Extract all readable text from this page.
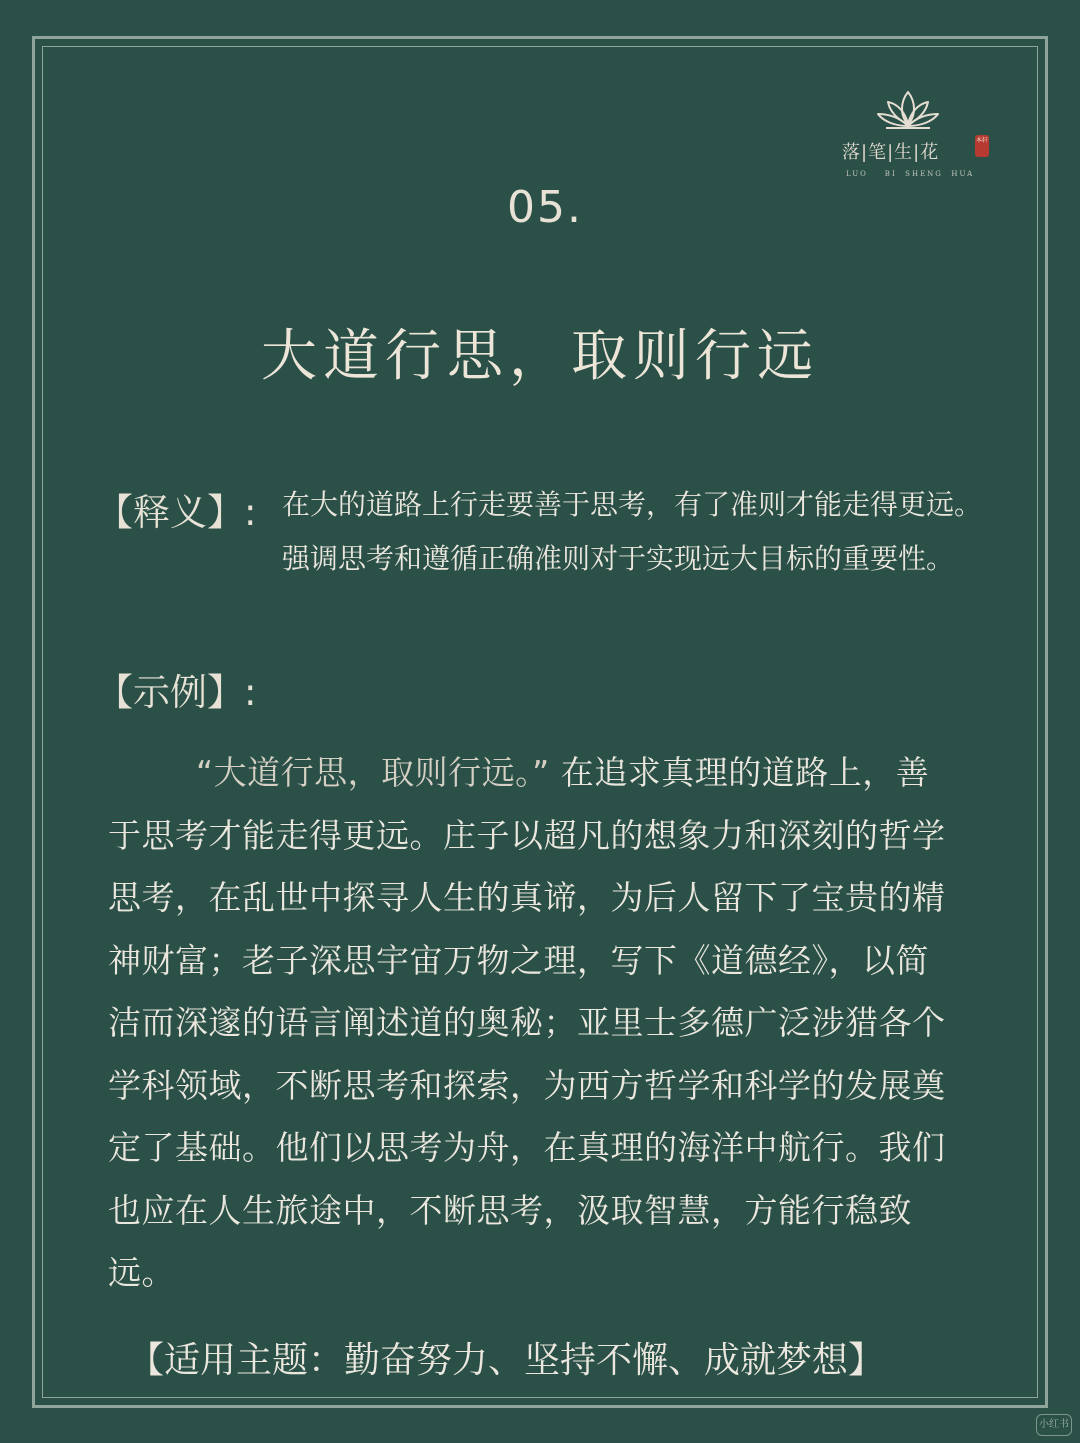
落|笔|生|花
本轩
LUO    BI  SHENG  HUA
05.
大道行思，取则行远
【释义】: 在大的道路上行走要善于思考，有了准则才能走得更远。强调思考和遵循正确准则对于实现远大目标的重要性。
【示例】:
“大道行思，取则行远。” 在追求真理的道路上，善于思考才能走得更远。庄子以超凡的想象力和深刻的哲学思考，在乱世中探寻人生的真谛，为后人留下了宝贵的精神财富；老子深思宇宙万物之理，写下《道德经》，以简洁而深邃的语言阐述道的奥秘；亚里士多德广泛涉猎各个学科领域，不断思考和探索，为西方哲学和科学的发展奠定了基础。他们以思考为舟，在真理的海洋中航行。我们也应在人生旅途中，不断思考，汲取智慧，方能行稳致远。
【适用主题：勤奋努力、坚持不懈、成就梦想】
小红书
